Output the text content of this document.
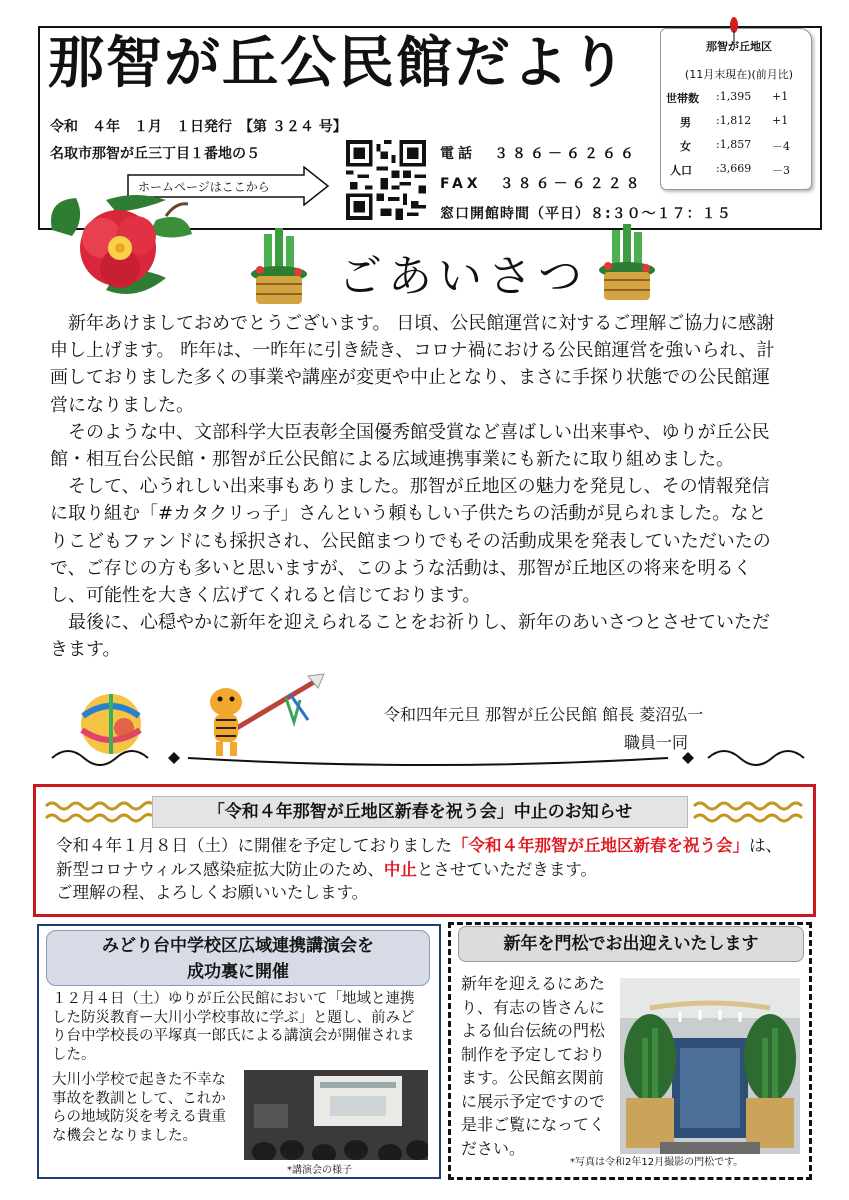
那智が丘公民館だより
令和　４年　１月　１日発行　【第 ３２４ 号】
名取市那智が丘三丁目１番地の５
ホームページはここから
電話　３８６－６２６６
FAX　３８６－６２２８
窓口開館時間（平日）８:３０～１７：１５
那智が丘地区
(11月末現在)(前月比)
世帯数 :1,395 +1
男 :1,812 +1
女 :1,857 －4
人口 :3,669 －3
ごあいさつ

　新年あけましておめでとうございます。 日頃、公民館運営に対するご理解ご協力に感謝申し上げます。 昨年は、一昨年に引き続き、コロナ禍における公民館運営を強いられ、計画しておりました多くの事業や講座が変更や中止となり、まさに手探り状態での公民館運営になりました。

　そのような中、文部科学大臣表彰全国優秀館受賞など喜ばしい出来事や、ゆりが丘公民館・相互台公民館・那智が丘公民館による広域連携事業にも新たに取り組めました。

　そして、心うれしい出来事もありました。那智が丘地区の魅力を発見し、その情報発信に取り組む「#カタクリっ子」さんという頼もしい子供たちの活動が見られました。なとりこどもファンドにも採択され、公民館まつりでもその活動成果を発表していただいたので、ご存じの方も多いと思いますが、このような活動は、那智が丘地区の将来を明るくし、可能性を大きく広げてくれると信じております。

　最後に、心穏やかに新年を迎えられることをお祈りし、新年のあいさつとさせていただきます。

令和四年元旦 那智が丘公民館 館長 菱沼弘一
職員一同
「令和４年那智が丘地区新春を祝う会」中止のお知らせ
令和４年１月８日（土）に開催を予定しておりました「令和４年那智が丘地区新春を祝う会」は、新型コロナウィルス感染症拡大防止のため、中止とさせていただきます。
ご理解の程、よろしくお願いいたします。
みどり台中学校区広域連携講演会を
成功裏に開催
１２月４日（土）ゆりが丘公民館において「地域と連携した防災教育ー大川小学校事故に学ぶ」と題し、前みどり台中学校長の平塚真一郎氏による講演会が開催されました。
大川小学校で起きた不幸な事故を教訓として、これからの地域防災を考える貴重な機会となりました。
*講演会の様子
新年を門松でお出迎えいたします
新年を迎えるにあたり、有志の皆さんによる仙台伝統の門松制作を予定しております。公民館玄関前に展示予定ですので是非ご覧になってください。
*写真は令和2年12月撮影の門松です。
